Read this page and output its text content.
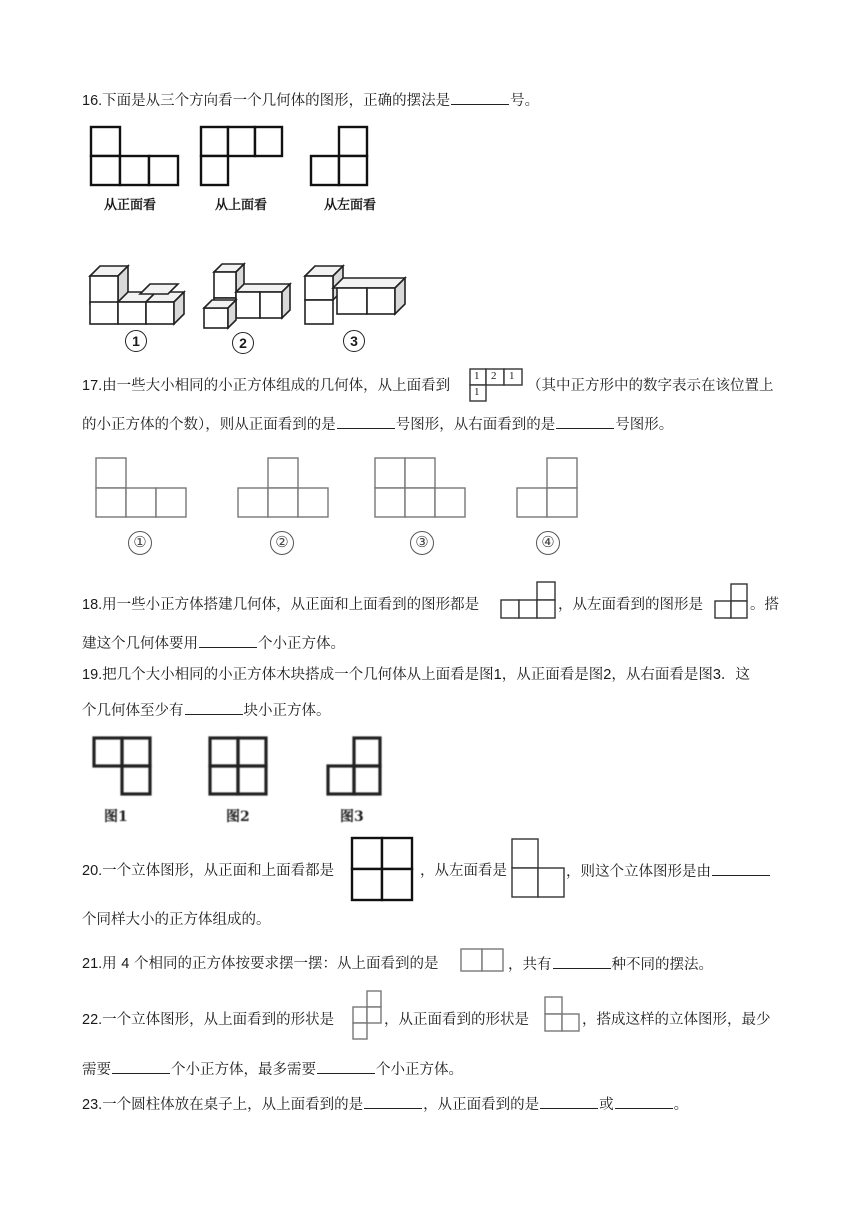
16.下面是从三个方向看一个几何体的图形，正确的摆法是	号。
从正面看	从上面看	从左面看
1	2	3
17.由一些大小相同的小正方体组成的几何体，从上面看到
1 2 1
1	（其中正方形中的数字表示在该位置上
的小正方体的个数），则从正面看到的是	号图形，从右面看到的是	号图形。
①	②	③	④
18.用一些小正方体搭建几何体，从正面和上面看到的图形都是	，从左面看到的图形是	。搭
建这个几何体要用	个小正方体。
19.把几个大小相同的小正方体木块搭成一个几何体从上面看是图1，从正面看是图2，从右面看是图3．这
个几何体至少有	块小正方体。
图1	图2	图3
20.一个立体图形，从正面和上面看都是	，从左面看是	，则这个立体图形是由
个同样大小的正方体组成的。
21.用 4 个相同的正方体按要求摆一摆：从上面看到的是	，共有	种不同的摆法。
22.一个立体图形，从上面看到的形状是	，从正面看到的形状是	，搭成这样的立体图形，最少
需要	个小正方体，最多需要	个小正方体。
23.一个圆柱体放在桌子上，从上面看到的是	，从正面看到的是	或	。
